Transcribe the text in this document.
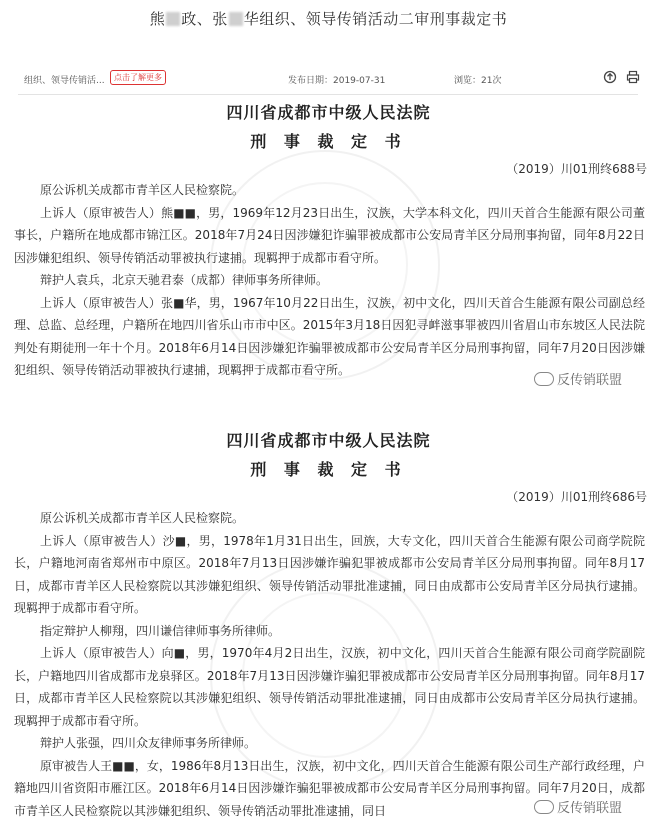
熊 政、张 华组织、领导传销活动二审刑事裁定书
组织、领导传销活...	点击了解更多	发布日期：2019-07-31	浏览：21次

四川省成都市中级人民法院
刑 事 裁 定 书
（2019）川01刑终688号

原公诉机关成都市青羊区人民检察院。

上诉人（原审被告人）熊■■，男，1969年12月23日出生，汉族，大学本科文化，四川天首合生能源有限公司董事长，户籍所在地成都市锦江区。2018年7月24日因涉嫌犯诈骗罪被成都市公安局青羊区分局刑事拘留，同年8月22日因涉嫌犯组织、领导传销活动罪被执行逮捕。现羁押于成都市看守所。

辩护人袁兵，北京天驰君泰（成都）律师事务所律师。

上诉人（原审被告人）张■华，男，1967年10月22日出生，汉族，初中文化，四川天首合生能源有限公司副总经理、总监、总经理，户籍所在地四川省乐山市市中区。2015年3月18日因犯寻衅滋事罪被四川省眉山市东坡区人民法院判处有期徒刑一年十个月。2018年6月14日因涉嫌犯诈骗罪被成都市公安局青羊区分局刑事拘留，同年7月20日因涉嫌犯组织、领导传销活动罪被执行逮捕，现羁押于成都市看守所。

反传销联盟
四川省成都市中级人民法院
刑 事 裁 定 书
（2019）川01刑终686号

原公诉机关成都市青羊区人民检察院。

上诉人（原审被告人）沙■，男，1978年1月31日出生，回族，大专文化，四川天首合生能源有限公司商学院院长，户籍地河南省郑州市中原区。2018年7月13日因涉嫌诈骗犯罪被成都市公安局青羊区分局刑事拘留。同年8月17日，成都市青羊区人民检察院以其涉嫌犯组织、领导传销活动罪批准逮捕，同日由成都市公安局青羊区分局执行逮捕。现羁押于成都市看守所。

指定辩护人柳翔，四川谦信律师事务所律师。

上诉人（原审被告人）向■，男，1970年4月2日出生，汉族，初中文化，四川天首合生能源有限公司商学院副院长，户籍地四川省成都市龙泉驿区。2018年7月13日因涉嫌诈骗犯罪被成都市公安局青羊区分局刑事拘留。同年8月17日，成都市青羊区人民检察院以其涉嫌犯组织、领导传销活动罪批准逮捕，同日由成都市公安局青羊区分局执行逮捕。现羁押于成都市看守所。

辩护人张强，四川众友律师事务所律师。

原审被告人王■■，女，1986年8月13日出生，汉族，初中文化，四川天首合生能源有限公司生产部行政经理，户籍地四川省资阳市雁江区。2018年6月14日因涉嫌诈骗犯罪被成都市公安局青羊区分局刑事拘留。同年7月20日，成都市青羊区人民检察院以其涉嫌犯组织、领导传销活动罪批准逮捕，同日	反传销联盟
